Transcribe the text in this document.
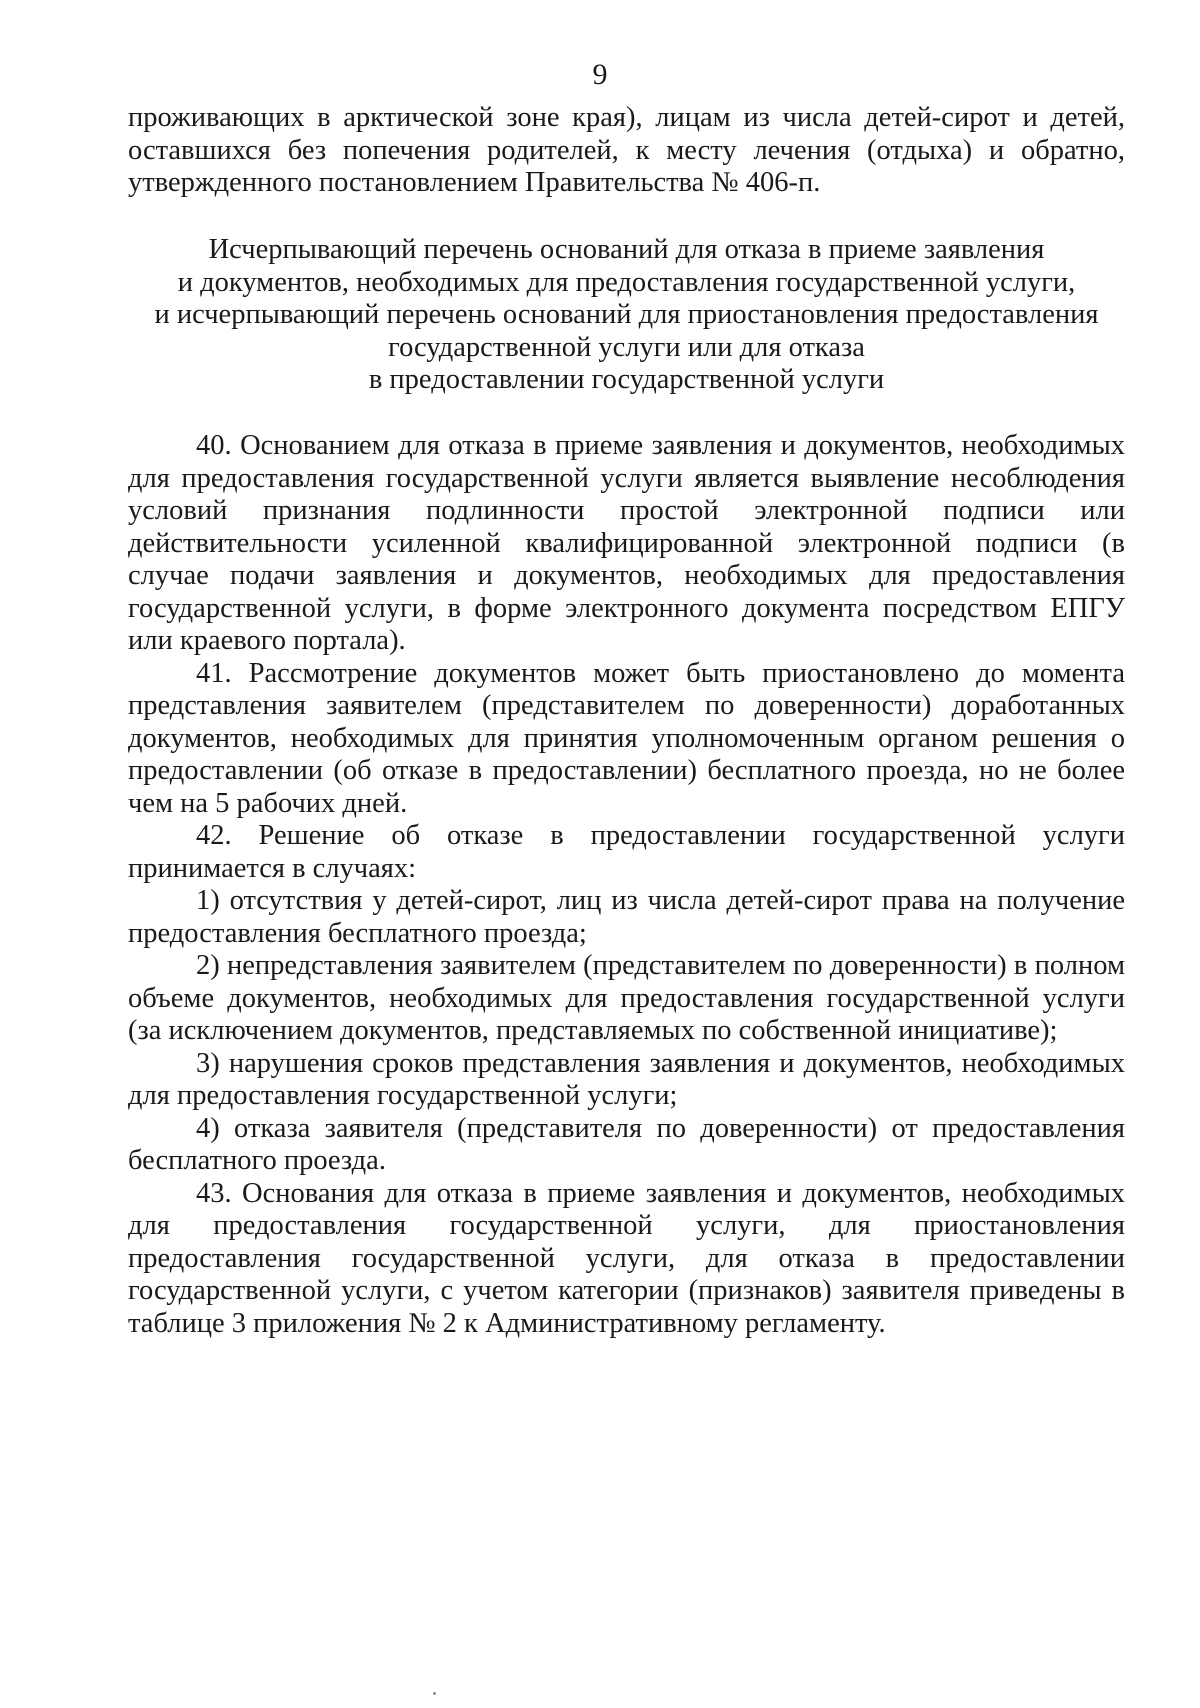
9

проживающих в арктической зоне края), лицам из числа детей-сирот и детей, оставшихся без попечения родителей, к месту лечения (отдыха) и обратно, утвержденного постановлением Правительства № 406-п.

Исчерпывающий перечень оснований для отказа в приеме заявления
и документов, необходимых для предоставления государственной услуги,
и исчерпывающий перечень оснований для приостановления предоставления
государственной услуги или для отказа
в предоставлении государственной услуги

40. Основанием для отказа в приеме заявления и документов, необходимых для предоставления государственной услуги является выявление несоблюдения условий признания подлинности простой электронной подписи или действительности усиленной квалифицированной электронной подписи (в случае подачи заявления и документов, необходимых для предоставления государственной услуги, в форме электронного документа посредством ЕПГУ или краевого портала).

41. Рассмотрение документов может быть приостановлено до момента представления заявителем (представителем по доверенности) доработанных документов, необходимых для принятия уполномоченным органом решения о предоставлении (об отказе в предоставлении) бесплатного проезда, но не более чем на 5 рабочих дней.

42. Решение об отказе в предоставлении государственной услуги принимается в случаях:

1) отсутствия у детей-сирот, лиц из числа детей-сирот права на получение предоставления бесплатного проезда;

2) непредставления заявителем (представителем по доверенности) в полном объеме документов, необходимых для предоставления государственной услуги (за исключением документов, представляемых по собственной инициативе);

3) нарушения сроков представления заявления и документов, необходимых для предоставления государственной услуги;

4) отказа заявителя (представителя по доверенности) от предоставления бесплатного проезда.

43. Основания для отказа в приеме заявления и документов, необходимых для предоставления государственной услуги, для приостановления предоставления государственной услуги, для отказа в предоставлении государственной услуги, с учетом категории (признаков) заявителя приведены в таблице 3 приложения № 2 к Административному регламенту.
